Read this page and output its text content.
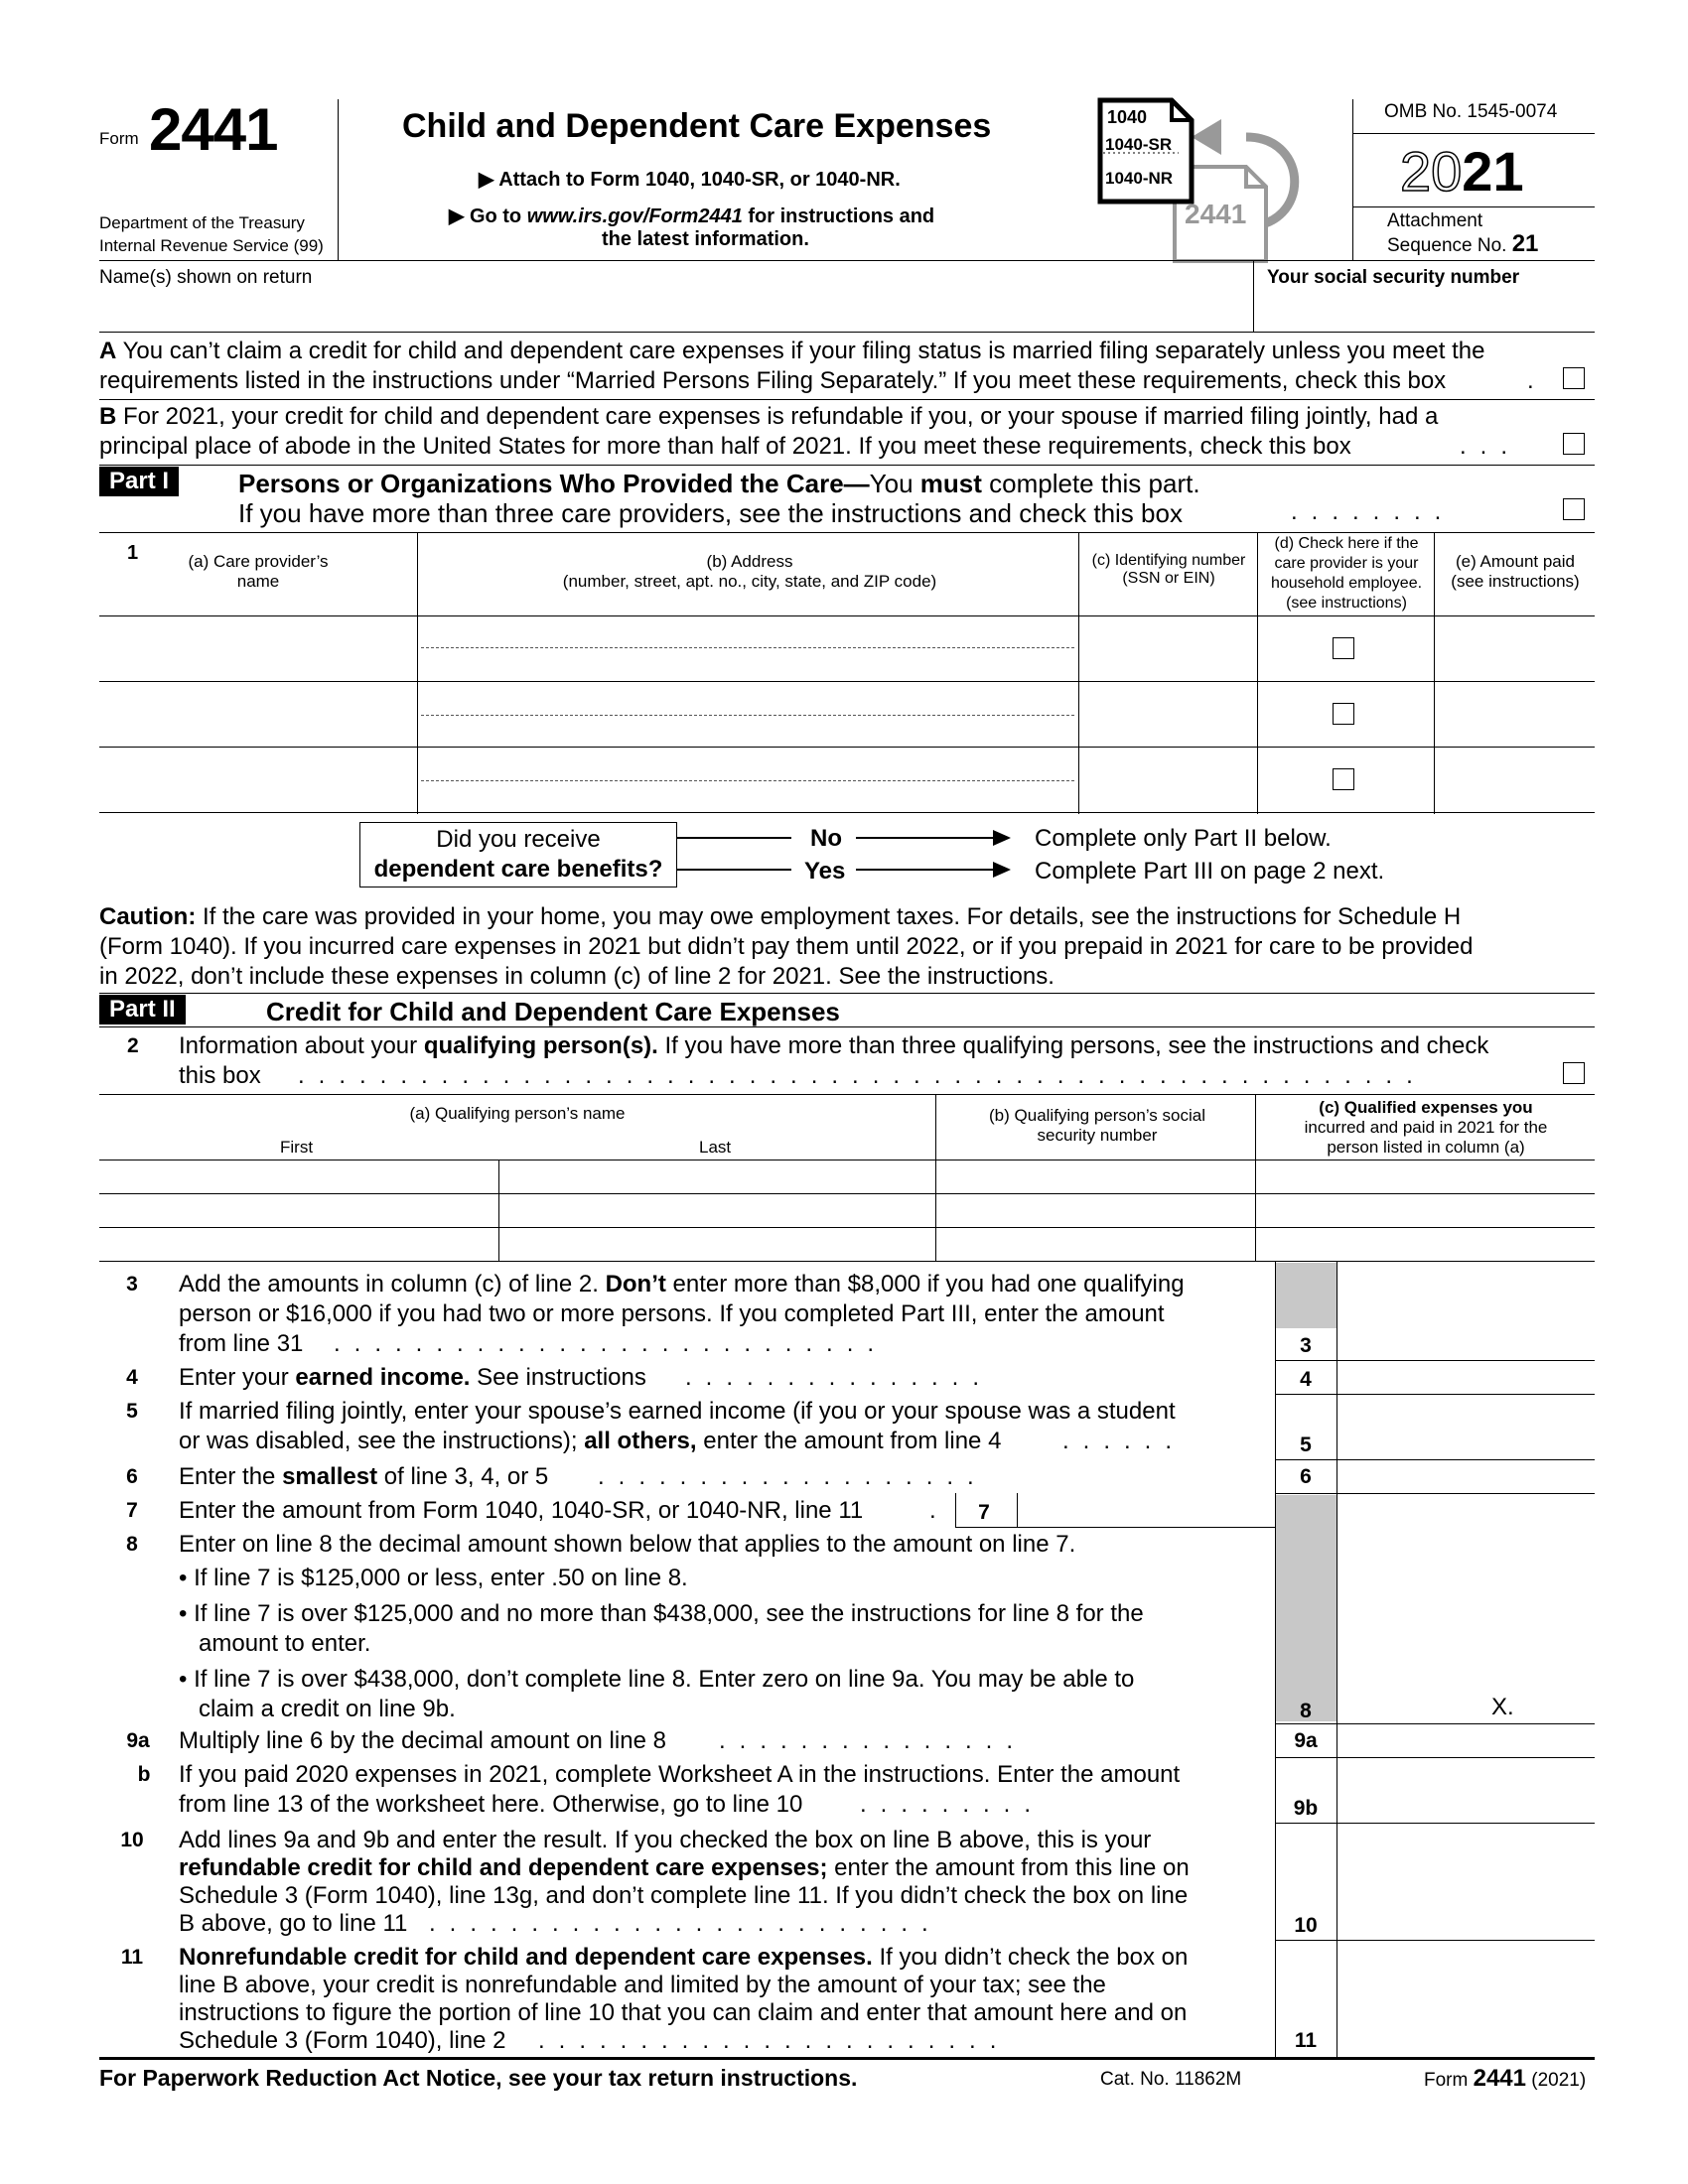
Form 2441
Department of the Treasury
Internal Revenue Service (99)
Child and Dependent Care Expenses
▶ Attach to Form 1040, 1040-SR, or 1040-NR.
▶ Go to www.irs.gov/Form2441 for instructions and
the latest information.
1040
1040-SR
1040-NR
2441
OMB No. 1545-0074
2021
Attachment
Sequence No. 21
Name(s) shown on return	Your social security number
A You can’t claim a credit for child and dependent care expenses if your filing status is married filing separately unless you meet the
requirements listed in the instructions under “Married Persons Filing Separately.” If you meet these requirements, check this box	.
B For 2021, your credit for child and dependent care expenses is refundable if you, or your spouse if married filing jointly, had a
principal place of abode in the United States for more than half of 2021. If you meet these requirements, check this box	...
Part I	Persons or Organizations Who Provided the Care—You must complete this part.
If you have more than three care providers, see the instructions and check this box	........
1	(a) Care provider’s
name
(b) Address
(number, street, apt. no., city, state, and ZIP code)
(c) Identifying number
(SSN or EIN)
(d) Check here if the
care provider is your
household employee.
(see instructions)
(e) Amount paid
(see instructions)
Did you receive
dependent care benefits?
No
Yes
Complete only Part II below.
Complete Part III on page 2 next.
Caution: If the care was provided in your home, you may owe employment taxes. For details, see the instructions for Schedule H
(Form 1040). If you incurred care expenses in 2021 but didn’t pay them until 2022, or if you prepaid in 2021 for care to be provided
in 2022, don’t include these expenses in column (c) of line 2 for 2021. See the instructions.
Part II	Credit for Child and Dependent Care Expenses
2 Information about your qualifying person(s). If you have more than three qualifying persons, see the instructions and check
this box .......................................................
(a) Qualifying person’s name
First	Last
(b) Qualifying person’s social
security number
(c) Qualified expenses you
incurred and paid in 2021 for the
person listed in column (a)
3	Add the amounts in column (c) of line 2. Don’t enter more than $8,000 if you had one qualifying
person or $16,000 if you had two or more persons. If you completed Part III, enter the amount
from line 31 ...........................	3
4	Enter your earned income. See instructions ...............	4
5	If married filing jointly, enter your spouse’s earned income (if you or your spouse was a student
or was disabled, see the instructions); all others, enter the amount from line 4	......	5
6	Enter the smallest of line 3, 4, or 5 ...................	6
7	Enter the amount from Form 1040, 1040-SR, or 1040-NR, line 11	.	7
8	Enter on line 8 the decimal amount shown below that applies to the amount on line 7.
• If line 7 is $125,000 or less, enter .50 on line 8.
• If line 7 is over $125,000 and no more than $438,000, see the instructions for line 8 for the
amount to enter.
• If line 7 is over $438,000, don’t complete line 8. Enter zero on line 9a. You may be able to
claim a credit on line 9b.	8	X.
9a	Multiply line 6 by the decimal amount on line 8 ...............	9a
b	If you paid 2020 expenses in 2021, complete Worksheet A in the instructions. Enter the amount
from line 13 of the worksheet here. Otherwise, go to line 10 .........	9b
10	Add lines 9a and 9b and enter the result. If you checked the box on line B above, this is your
refundable credit for child and dependent care expenses; enter the amount from this line on
Schedule 3 (Form 1040), line 13g, and don’t complete line 11. If you didn’t check the box on line
B above, go to line 11 .........................	10
11	Nonrefundable credit for child and dependent care expenses. If you didn’t check the box on
line B above, your credit is nonrefundable and limited by the amount of your tax; see the
instructions to figure the portion of line 10 that you can claim and enter that amount here and on
Schedule 3 (Form 1040), line 2 .......................	11
For Paperwork Reduction Act Notice, see your tax return instructions.	Cat. No. 11862M	Form 2441 (2021)
